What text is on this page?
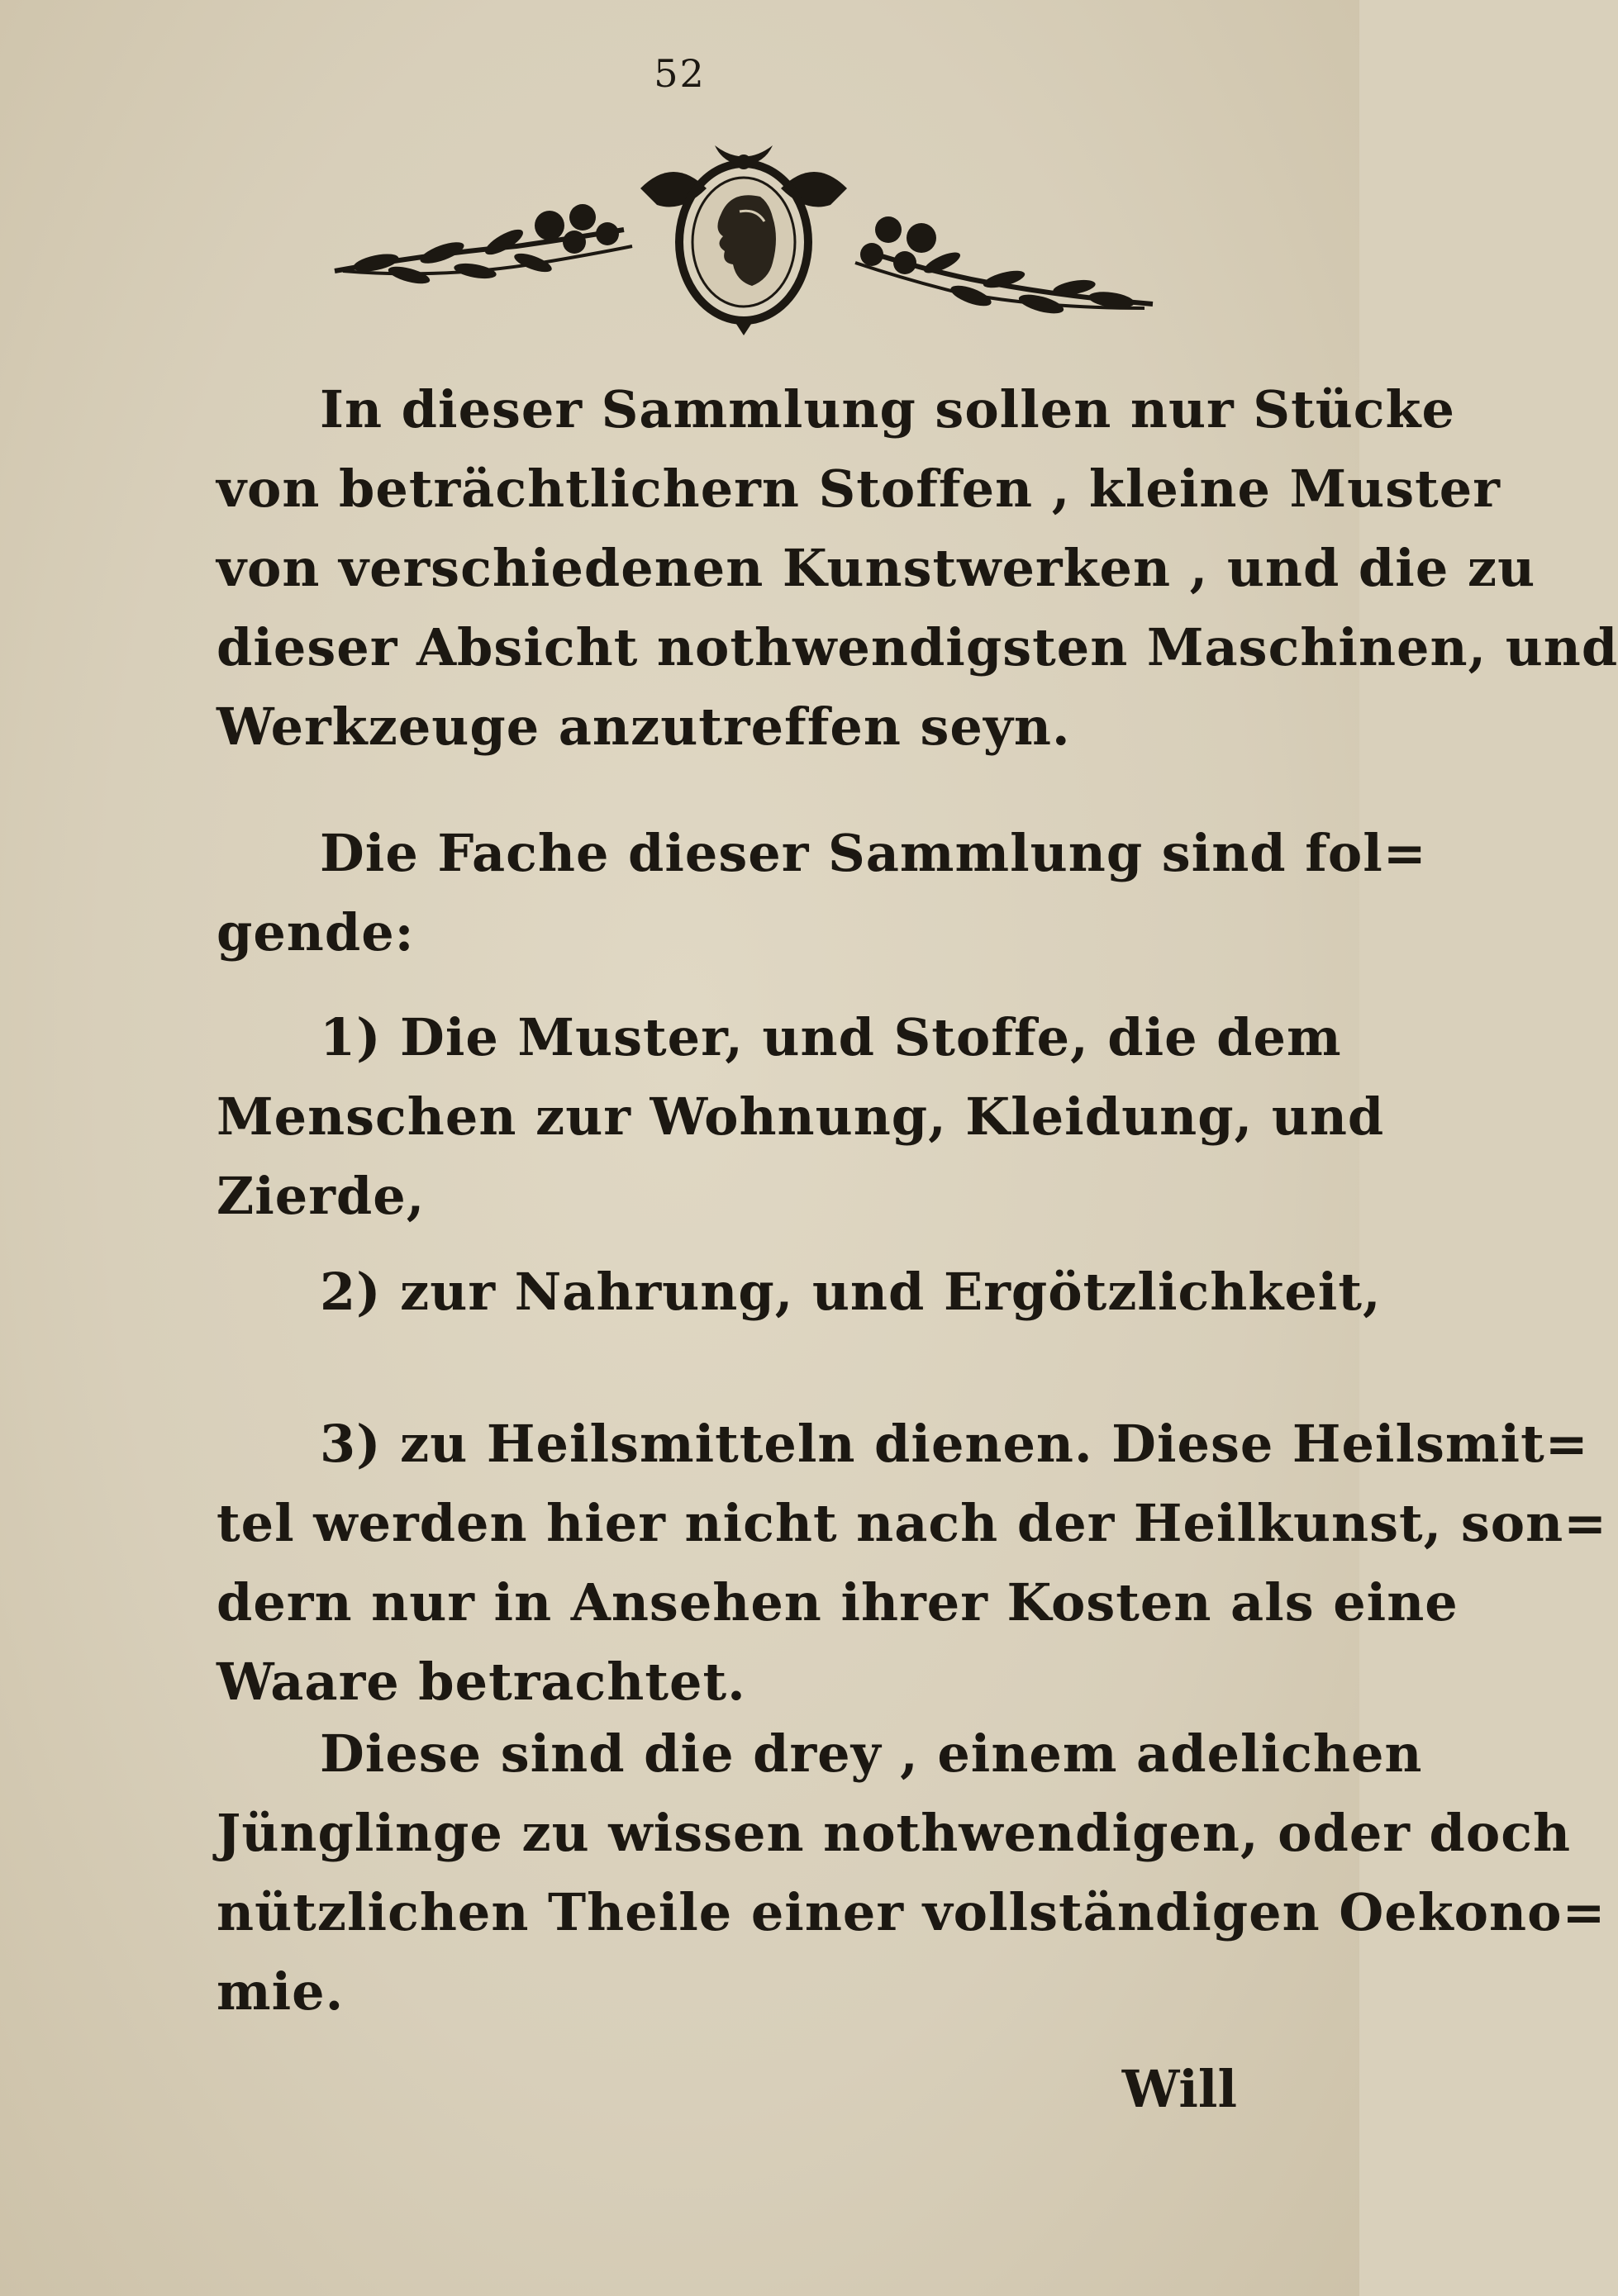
52
In dieser Sammlung sollen nur Stücke
von beträchtlichern Stoffen , kleine Muster
von verschiedenen Kunstwerken , und die zu
dieser Absicht nothwendigsten Maschinen, und
Werkzeuge anzutreffen seyn.
Die Fache dieser Sammlung sind fol=
gende:
1) Die Muster, und Stoffe, die dem
Menschen zur Wohnung, Kleidung, und
Zierde,
2) zur Nahrung, und Ergötzlichkeit,
3) zu Heilsmitteln dienen. Diese Heilsmit=
tel werden hier nicht nach der Heilkunst, son=
dern nur in Ansehen ihrer Kosten als eine
Waare betrachtet.
Diese sind die drey , einem adelichen
Jünglinge zu wissen nothwendigen, oder doch
nützlichen Theile einer vollständigen Oekono=
mie.
Will
